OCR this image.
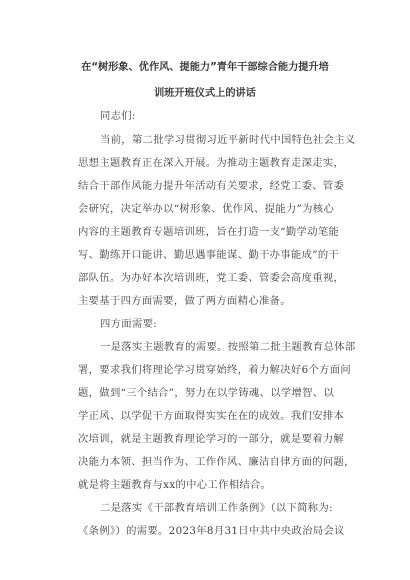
在“树形象、优作风、提能力”青年干部综合能力提升培
训班开班仪式上的讲话
同志们:
当前，第二批学习贯彻习近平新时代中国特色社会主义
思想主题教育正在深入开展。为推动主题教育走深走实，
结合干部作风能力提升年活动有关要求，经党工委、管委
会研究，决定举办以“树形象、优作风、提能力”为核心
内容的主题教育专题培训班，旨在打造一支“勤学动笔能
写、勤练开口能讲、勤思遇事能谋、勤干办事能成”的干
部队伍。为办好本次培训班，党工委、管委会高度重视，
主要基于四方面需要，做了两方面精心准备。
四方面需要:
一是落实主题教育的需要。按照第二批主题教育总体部
署，要求我们将理论学习贯穿始终，着力解决好6个方面问
题，做到“三个结合”，努力在以学铸魂、以学增智、以
学正风、以学促干方面取得实实在在的成效。我们安排本
次培训，就是主题教育理论学习的一部分，就是要着力解
决能力本领、担当作为、工作作风、廉洁自律方面的问题，
就是将主题教育与xx的中心工作相结合。
二是落实《干部教育培训工作条例》（以下简称为:
《条例》）的需要。2023年8月31日中共中央政治局会议
